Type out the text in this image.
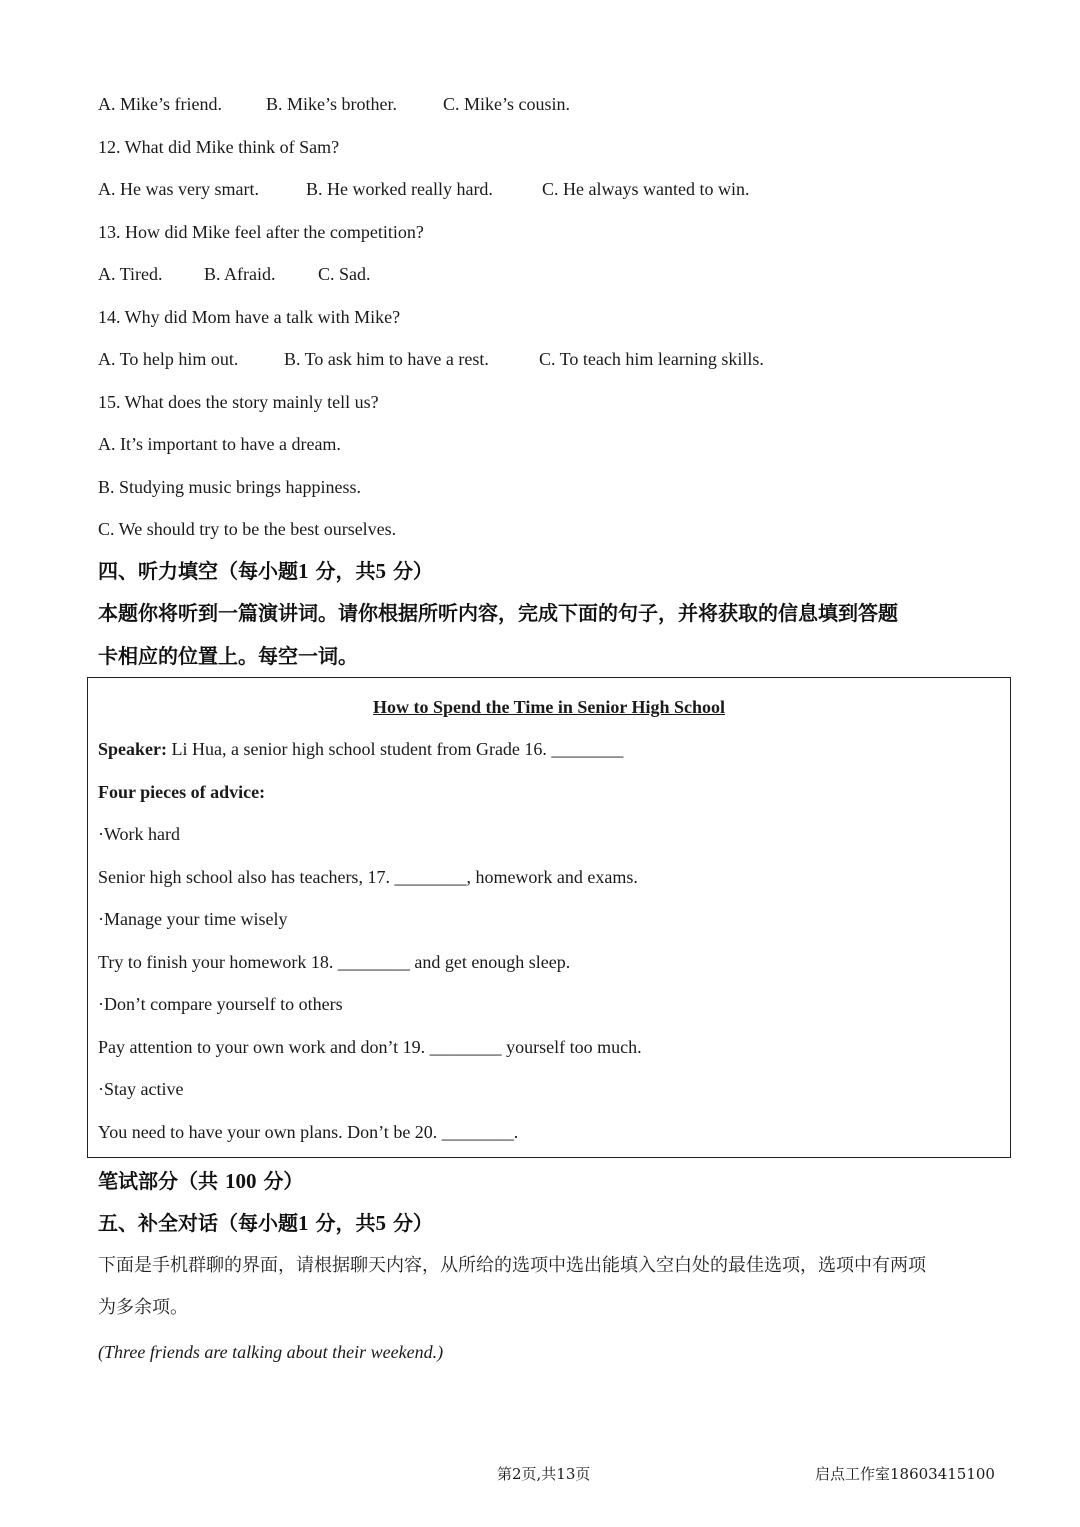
A. Mike’s friend. B. Mike’s brother.	C. Mike’s cousin.

12. What did Mike think of Sam?

A. He was very smart.	B. He worked really hard.	C. He always wanted to win.

13. How did Mike feel after the competition?

A. Tired. B. Afraid. C. Sad.

14. Why did Mom have a talk with Mike?

A. To help him out.	B. To ask him to have a rest.	C. To teach him learning skills.

15. What does the story mainly tell us?

A. It’s important to have a dream.

B. Studying music brings happiness.

C. We should try to be the best ourselves.

四、听力填空（每小题1 分，共5 分）

本题你将听到一篇演讲词。请你根据所听内容，完成下面的句子，并将获取的信息填到答题

卡相应的位置上。每空一词。

How to Spend the Time in Senior High School

Speaker: Li Hua, a senior high school student from Grade 16. ________

Four pieces of advice:

·Work hard

Senior high school also has teachers, 17. ________, homework and exams.

·Manage your time wisely

Try to finish your homework 18. ________ and get enough sleep.

·Don’t compare yourself to others

Pay attention to your own work and don’t 19. ________ yourself too much.

·Stay active

You need to have your own plans. Don’t be 20. ________.

笔试部分（共 100 分）

五、补全对话（每小题1 分，共5 分）

下面是手机群聊的界面，请根据聊天内容，从所给的选项中选出能填入空白处的最佳选项，选项中有两项

为多余项。

(Three friends are talking about their weekend.)

第2页,共13页	启点工作室18603415100
